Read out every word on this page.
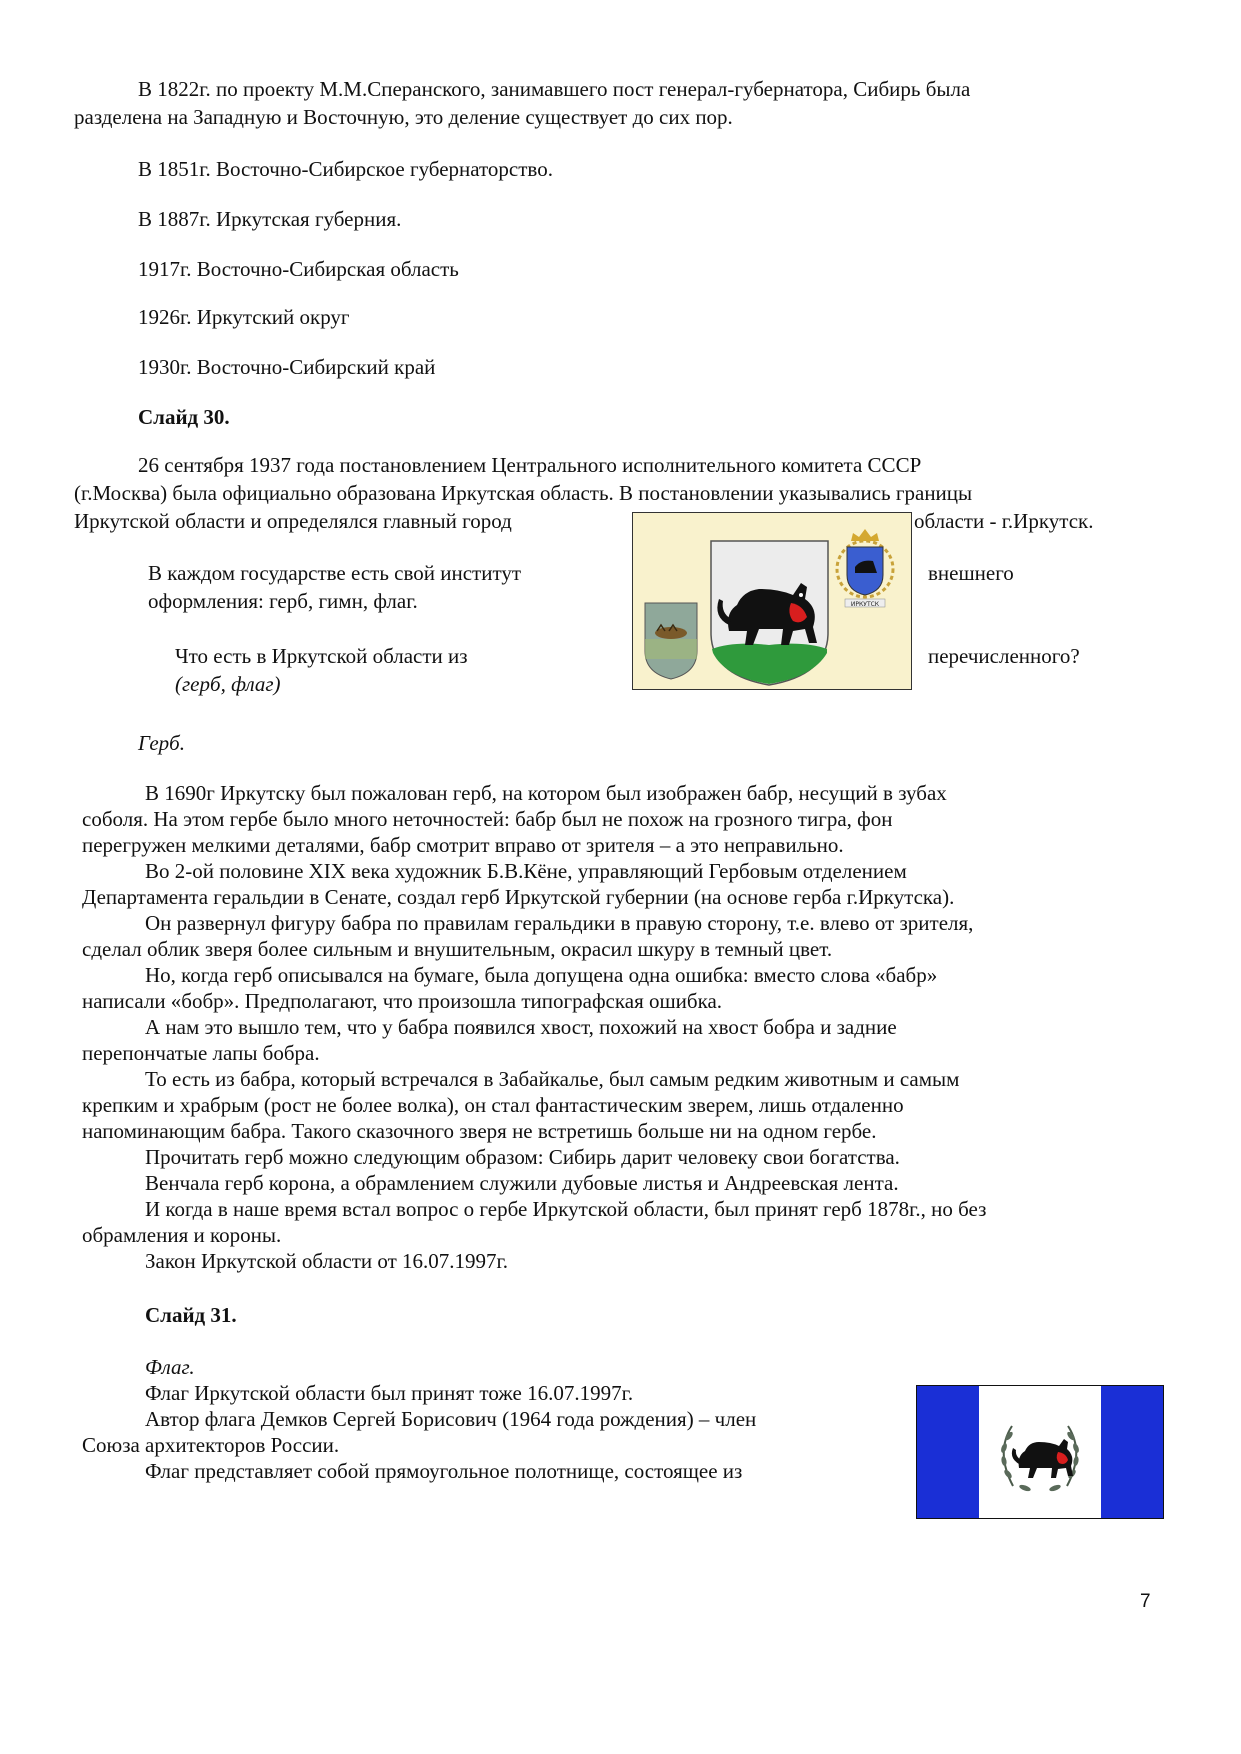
В 1822г. по проекту М.М.Сперанского, занимавшего пост генерал-губернатора, Сибирь была
разделена на Западную и Восточную, это деление существует до сих пор.
В 1851г. Восточно-Сибирское губернаторство.
В 1887г. Иркутская губерния.
1917г. Восточно-Сибирская область
1926г. Иркутский округ
1930г. Восточно-Сибирский край
Слайд 30.
26 сентября 1937 года постановлением Центрального исполнительного комитета СССР
(г.Москва) была официально образована Иркутская область. В постановлении указывались границы
Иркутской области и определялся главный город	области - г.Иркутск.
В каждом государстве есть свой институт	внешнего
оформления: герб, гимн, флаг.
Что есть в Иркутской области из	перечисленного?
(герб, флаг)
ИРКУТСК
Герб.
В 1690г Иркутску был пожалован герб, на котором был изображен бабр, несущий в зубах
соболя. На этом гербе было много неточностей: бабр был не похож на грозного тигра, фон
перегружен мелкими деталями, бабр смотрит вправо от зрителя – а это неправильно.
Во 2-ой половине XIX века художник Б.В.Кёне, управляющий Гербовым отделением
Департамента геральдии в Сенате, создал герб Иркутской губернии (на основе герба г.Иркутска).
Он развернул фигуру бабра по правилам геральдики в правую сторону, т.е. влево от зрителя,
сделал облик зверя более сильным и внушительным, окрасил шкуру в темный цвет.
Но, когда герб описывался на бумаге, была допущена одна ошибка: вместо слова «бабр»
написали «бобр». Предполагают, что произошла типографская ошибка.
А нам это вышло тем, что у бабра появился хвост, похожий на хвост бобра и задние
перепончатые лапы бобра.
То есть из бабра, который встречался в Забайкалье, был самым редким животным и самым
крепким и храбрым (рост не более волка), он стал фантастическим зверем, лишь отдаленно
напоминающим бабра. Такого сказочного зверя не встретишь больше ни на одном гербе.
Прочитать герб можно следующим образом: Сибирь дарит человеку свои богатства.
Венчала герб корона, а обрамлением служили дубовые листья и Андреевская лента.
И когда в наше время встал вопрос о гербе Иркутской области, был принят герб 1878г., но без
обрамления и короны.
Закон Иркутской области от 16.07.1997г.
Слайд 31.
Флаг.
Флаг Иркутской области был принят тоже 16.07.1997г.
Автор флага Демков Сергей Борисович (1964 года рождения) – член
Союза архитекторов России.
Флаг представляет собой прямоугольное полотнище, состоящее из
7
